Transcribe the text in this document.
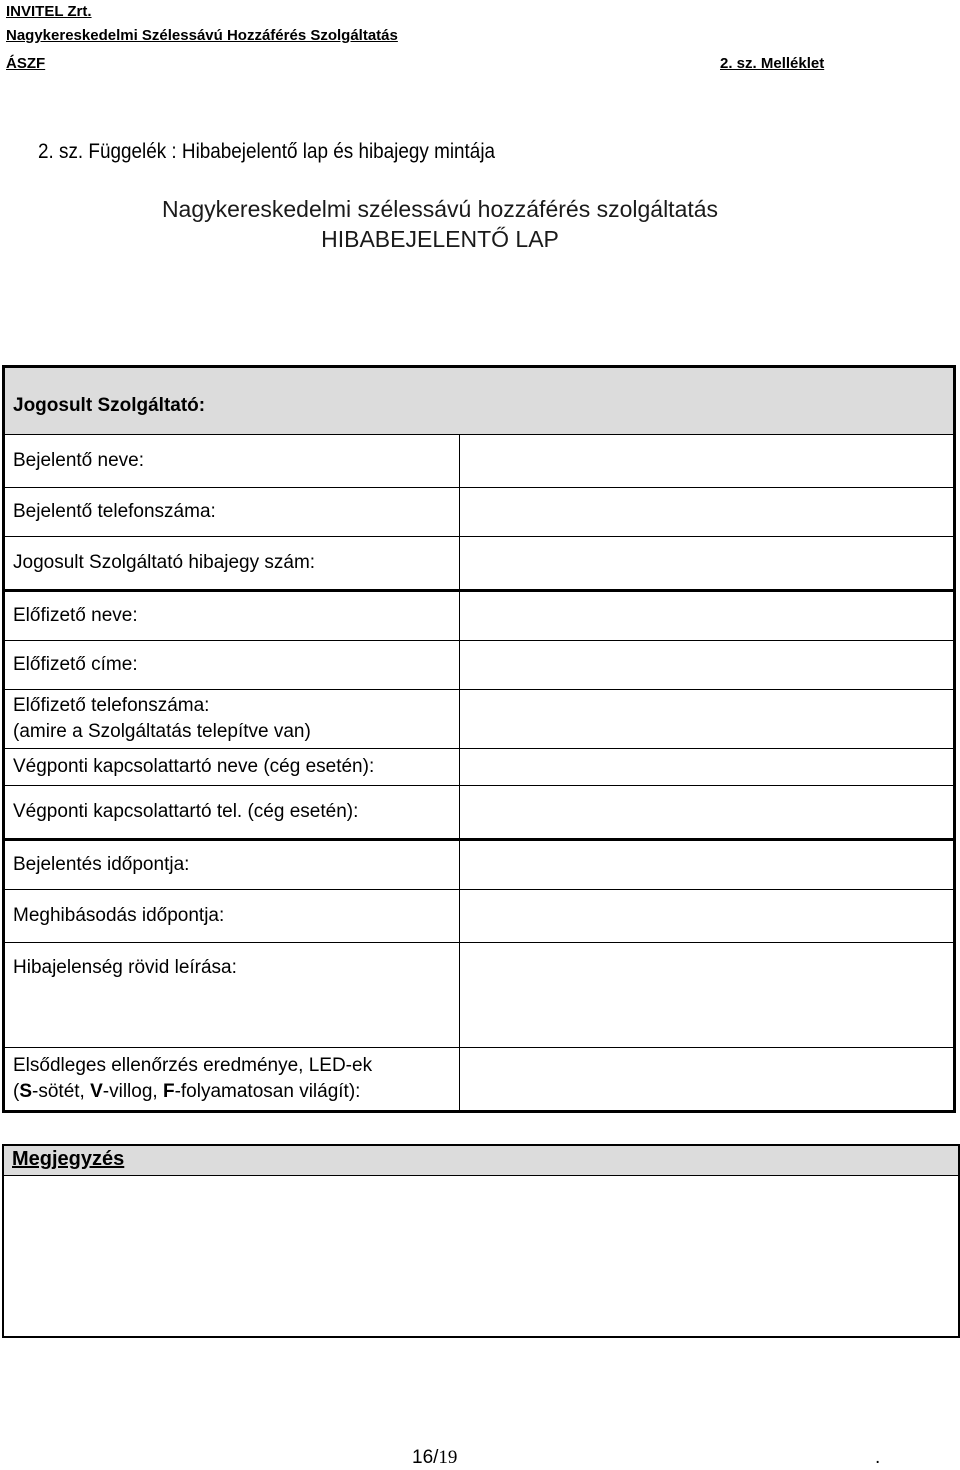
INVITEL Zrt.
Nagykereskedelmi Szélessávú Hozzáférés Szolgáltatás
ÁSZF	2. sz. Melléklet
2. sz. Függelék : Hibabejelentő lap és hibajegy mintája
Nagykereskedelmi szélessávú hozzáférés szolgáltatás
HIBABEJELENTŐ LAP
Jogosult Szolgáltató:	
Bejelentő neve:	
Bejelentő telefonszáma:	
Jogosult Szolgáltató hibajegy szám:	
Előfizető neve:	
Előfizető címe:	

Előfizető telefonszáma:
(amire a Szolgáltatás telepítve van)	

Végponti kapcsolattartó neve (cég esetén):	
Végponti kapcsolattartó tel. (cég esetén):	
Bejelentés időpontja:	
Meghibásodás időpontja:	
Hibajelenség rövid leírása:	

Elsődleges ellenőrzés eredménye, LED-ek
(S-sötét, V-villog, F-folyamatosan világít):	

Megjegyzés
16/19	.
